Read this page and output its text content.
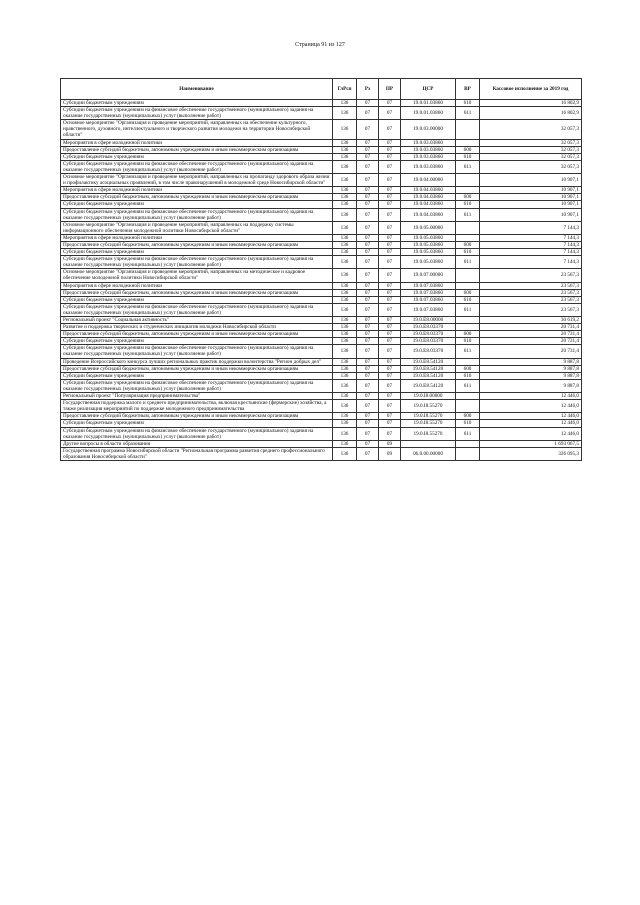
Страница 91 из 127
Наименование	ГлРсп	Рз	ПР	ЦСР	ВР	Кассовое исполнение за 2019 год
Субсидии бюджетным учреждениям	136	07	07	19.0.01.03860	610	16 802,9
Субсидии бюджетным учреждениям на финансовое обеспечение государственного (муниципального) задания на оказание государственных (муниципальных) услуг (выполнение работ)	136	07	07	19.0.01.03860	611	16 802,9
Основное мероприятие "Организация и проведение мероприятий, направленных на обеспечение культурного, нравственного, духовного, интеллектуального и творческого развития молодежи на территории Новосибирской области"	136	07	07	19.0.03.00000		32 057,3
Мероприятия в сфере молодежной политики	136	07	07	19.0.03.03860		32 057,3
Предоставление субсидий бюджетным, автономным учреждениям и иным некоммерческим организациям	136	07	07	19.0.03.03860	600	32 057,3
Субсидии бюджетным учреждениям	136	07	07	19.0.03.03860	610	32 057,3
Субсидии бюджетным учреждениям на финансовое обеспечение государственного (муниципального) задания на оказание государственных (муниципальных) услуг (выполнение работ)	136	07	07	19.0.03.03860	611	32 057,3
Основное мероприятие "Организация и проведение мероприятий, направленных на пропаганду здорового образа жизни и профилактику асоциальных проявлений, в том числе правонарушений в молодежной среде Новосибирской области"	136	07	07	19.0.04.00000		10 907,1
Мероприятия в сфере молодежной политики	136	07	07	19.0.04.03860		10 907,1
Предоставление субсидий бюджетным, автономным учреждениям и иным некоммерческим организациям	136	07	07	19.0.04.03860	600	10 907,1
Субсидии бюджетным учреждениям	136	07	07	19.0.04.03860	610	10 907,1
Субсидии бюджетным учреждениям на финансовое обеспечение государственного (муниципального) задания на оказание государственных (муниципальных) услуг (выполнение работ)	136	07	07	19.0.04.03860	611	10 907,1
Основное мероприятие "Организация и проведение мероприятий, направленных на поддержку системы информационного обеспечения молодежной политики Новосибирской области"	136	07	07	19.0.05.00000		7 144,3
Мероприятия в сфере молодежной политики	136	07	07	19.0.05.03860		7 144,3
Предоставление субсидий бюджетным, автономным учреждениям и иным некоммерческим организациям	136	07	07	19.0.05.03860	600	7 144,3
Субсидии бюджетным учреждениям	136	07	07	19.0.05.03860	610	7 144,3
Субсидии бюджетным учреждениям на финансовое обеспечение государственного (муниципального) задания на оказание государственных (муниципальных) услуг (выполнение работ)	136	07	07	19.0.05.03860	611	7 144,3
Основное мероприятие "Организация и проведение мероприятий, направленных на методическое и кадровое обеспечение молодежной политики Новосибирской области"	136	07	07	19.0.07.00000		23 567,3
Мероприятия в сфере молодежной политики	136	07	07	19.0.07.03860		23 567,3
Предоставление субсидий бюджетным, автономным учреждениям и иным некоммерческим организациям	136	07	07	19.0.07.03860	600	23 567,3
Субсидии бюджетным учреждениям	136	07	07	19.0.07.03860	610	23 567,3
Субсидии бюджетным учреждениям на финансовое обеспечение государственного (муниципального) задания на оказание государственных (муниципальных) услуг (выполнение работ)	136	07	07	19.0.07.03860	611	23 567,3
Региональный проект "Социальная активность"	136	07	07	19.0.E8.00000		30 619,2
Развитие и поддержка творческих и студенческих инициатив молодежи Новосибирской области	136	07	07	19.0.E8.03370		20 731,4
Предоставление субсидий бюджетным, автономным учреждениям и иным некоммерческим организациям	136	07	07	19.0.E8.03370	600	20 731,4
Субсидии бюджетным учреждениям	136	07	07	19.0.E8.03370	610	20 731,4
Субсидии бюджетным учреждениям на финансовое обеспечение государственного (муниципального) задания на оказание государственных (муниципальных) услуг (выполнение работ)	136	07	07	19.0.E8.03370	611	20 731,4
Проведение Всероссийского конкурса лучших региональных практик поддержки волонтерства "Регион добрых дел"	136	07	07	19.0.E8.54120		9 887,8
Предоставление субсидий бюджетным, автономным учреждениям и иным некоммерческим организациям	136	07	07	19.0.E8.54120	600	9 887,8
Субсидии бюджетным учреждениям	136	07	07	19.0.E8.54120	610	9 887,8
Субсидии бюджетным учреждениям на финансовое обеспечение государственного (муниципального) задания на оказание государственных (муниципальных) услуг (выполнение работ)	136	07	07	19.0.E8.54120	611	9 887,8
Региональный проект "Популяризация предпринимательства"	136	07	07	19.0.I8.00000		12 446,0
Государственная поддержка малого и среднего предпринимательства, включая крестьянские (фермерские) хозяйства, а также реализация мероприятий по поддержке молодежного предпринимательства	136	07	07	19.0.I8.55270		12 446,0
Предоставление субсидий бюджетным, автономным учреждениям и иным некоммерческим организациям	136	07	07	19.0.I8.55270	600	12 446,0
Субсидии бюджетным учреждениям	136	07	07	19.0.I8.55270	610	12 446,0
Субсидии бюджетным учреждениям на финансовое обеспечение государственного (муниципального) задания на оказание государственных (муниципальных) услуг (выполнение работ)	136	07	07	19.0.I8.55270	611	12 446,0
Другие вопросы в области образования	136	07	09			1 693 067,5
Государственная программа Новосибирской области "Региональная программа развития среднего профессионального образования Новосибирской области"	136	07	09	06.0.00.00000		326 095,3
